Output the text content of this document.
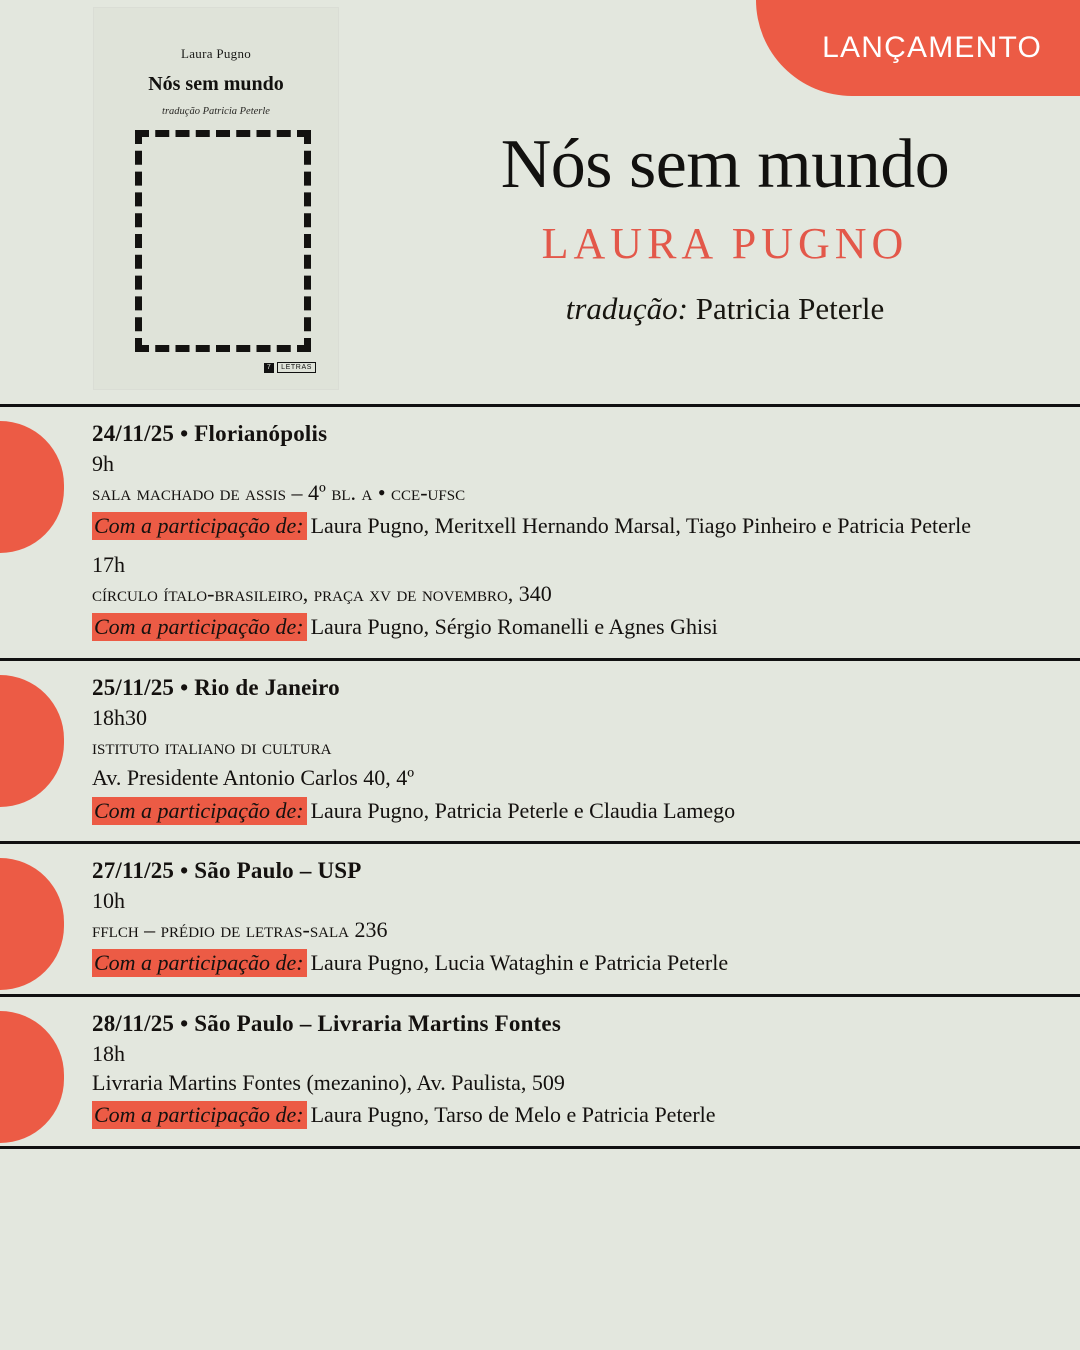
LANÇAMENTO
Laura Pugno
Nós sem mundo
tradução Patricia Peterle
7	LETRAS
Nós sem mundo
LAURA PUGNO
tradução: Patricia Peterle
24/11/25 • Florianópolis
9h
sala machado de assis – 4º bl. a • cce-ufsc
Com a participação de: Laura Pugno, Meritxell Hernando Marsal, Tiago Pinheiro e Patricia Peterle
17h
círculo ítalo-brasileiro, praça xv de novembro, 340
Com a participação de: Laura Pugno, Sérgio Romanelli e Agnes Ghisi
25/11/25 • Rio de Janeiro
18h30
istituto italiano di cultura
Av. Presidente Antonio Carlos 40, 4º
Com a participação de: Laura Pugno, Patricia Peterle e Claudia Lamego
27/11/25 • São Paulo – USP
10h
fflch – prédio de letras-sala 236
Com a participação de: Laura Pugno, Lucia Wataghin e Patricia Peterle
28/11/25 • São Paulo – Livraria Martins Fontes
18h
Livraria Martins Fontes (mezanino), Av. Paulista, 509
Com a participação de: Laura Pugno, Tarso de Melo e Patricia Peterle
